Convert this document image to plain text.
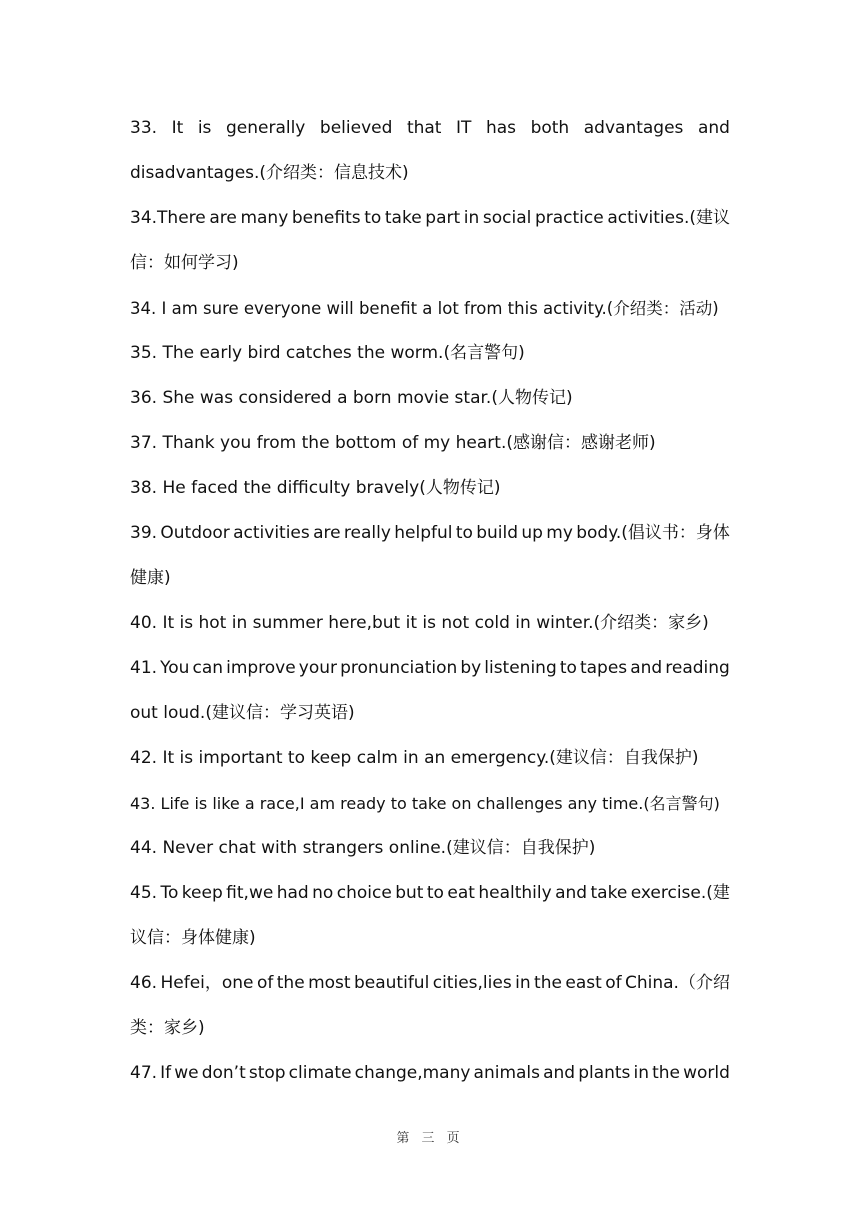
33. It is generally believed that IT has both advantages and
disadvantages.(介绍类：信息技术)
34.There are many benefits to take part in social practice activities.(建议
信：如何学习)
34. I am sure everyone will benefit a lot from this activity.(介绍类：活动)
35. The early bird catches the worm.(名言警句)
36. She was considered a born movie star.(人物传记)
37. Thank you from the bottom of my heart.(感谢信：感谢老师)
38. He faced the difficulty bravely(人物传记)
39. Outdoor activities are really helpful to build up my body.(倡议书：身体
健康)
40. It is hot in summer here,but it is not cold in winter.(介绍类：家乡)
41. You can improve your pronunciation by listening to tapes and reading
out loud.(建议信：学习英语)
42. It is important to keep calm in an emergency.(建议信：自我保护)
43. Life is like a race,I am ready to take on challenges any time.(名言警句)
44. Never chat with strangers online.(建议信：自我保护)
45. To keep fit,we had no choice but to eat healthily and take exercise.(建
议信：身体健康)
46. Hefei，one of the most beautiful cities,lies in the east of China.（介绍
类：家乡)
47. If we don’t stop climate change,many animals and plants in the world
第 三 页
